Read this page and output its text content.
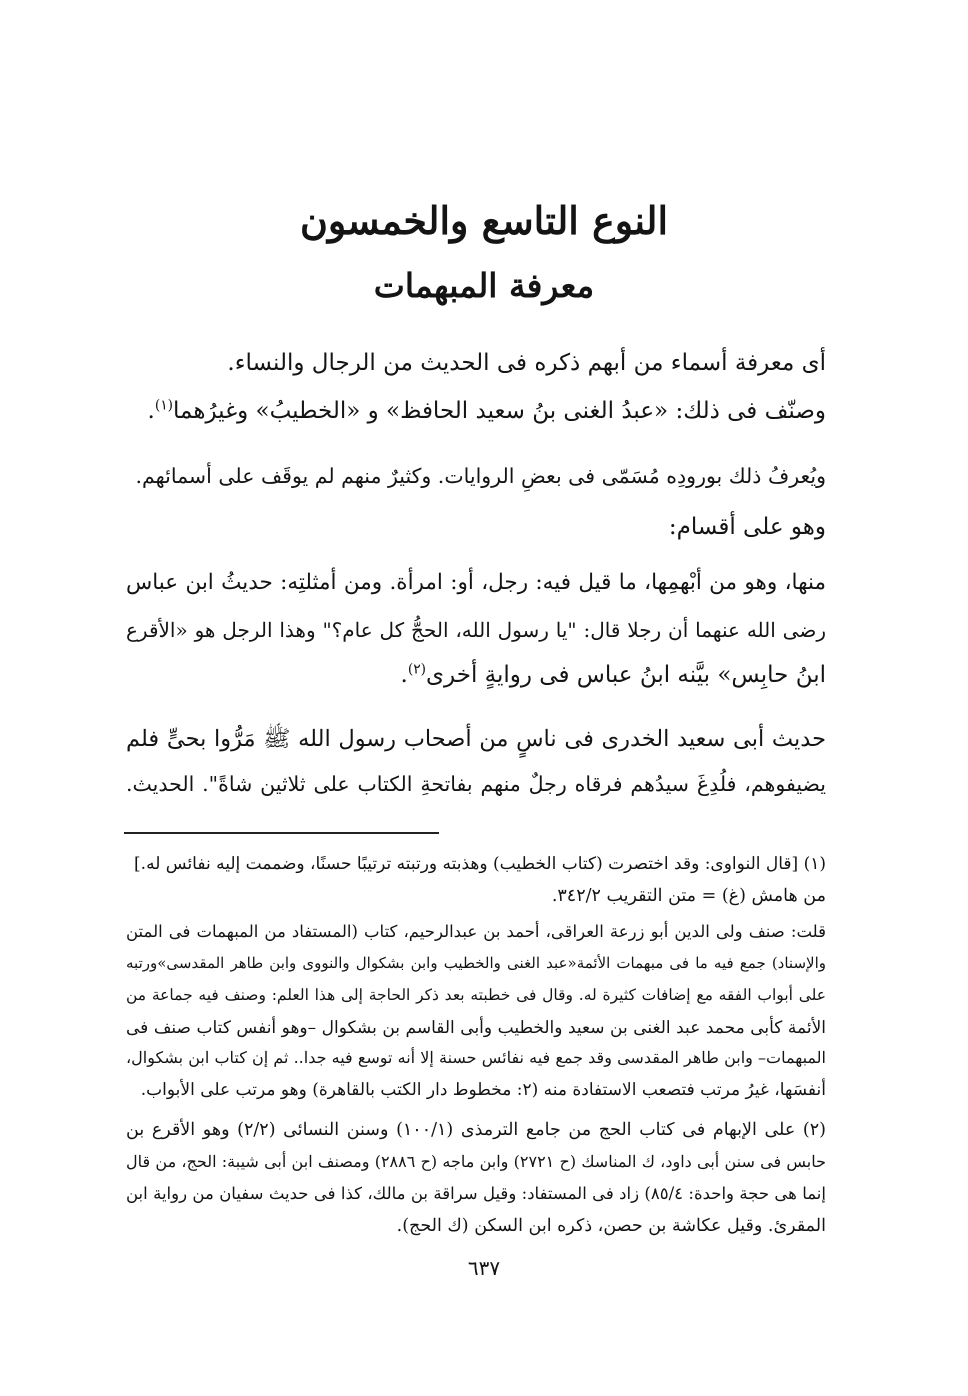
النوع التاسع والخمسون
معرفة المبهمات
أى معرفة أسماء من أبهم ذكره فى الحديث من الرجال والنساء.
وصنّف فى ذلك: «عبدُ الغنى بنُ سعيد الحافظ» و «الخطيبُ» وغيرُهما$^{(١)}$.
ويُعرفُ ذلك بورودِه مُسَمّى فى بعضِ الروايات. وكثيرٌ منهم لم يوقَف على أسمائهم.
وهو على أقسام:
منها، وهو من أبْهمِها، ما قيل فيه: رجل، أو: امرأة. ومن أمثلتِه: حديثُ ابن عباس
رضى الله عنهما أن رجلا قال: "يا رسول الله، الحجُّ كل عام؟" وهذا الرجل هو «الأقرع
ابنُ حابِس» بيَّنه ابنُ عباس فى روايةٍ أخرى$^{(٢)}$.
حديث أبى سعيد الخدرى فى ناسٍ من أصحاب رسول الله ﷺ مَرُّوا بحىٍّ فلم
يضيفوهم، فلُدِغَ سيدُهم فرقاه رجلٌ منهم بفاتحةِ الكتاب على ثلاثين شاةً". الحديث.
(١) [قال النواوى: وقد اختصرت (كتاب الخطيب) وهذبته ورتبته ترتيبًا حسنًا، وضممت إليه نفائس له.]
من هامش (غ) = متن التقريب ٣٤٢/٢.
قلت: صنف ولى الدين أبو زرعة العراقى، أحمد بن عبدالرحيم، كتاب (المستفاد من المبهمات فى المتن
والإسناد) جمع فيه ما فى مبهمات الأئمة«عبد الغنى والخطيب وابن بشكوال والنووى وابن طاهر المقدسى»ورتبه
على أبواب الفقه مع إضافات كثيرة له. وقال فى خطبته بعد ذكر الحاجة إلى هذا العلم: وصنف فيه جماعة من
الأئمة كأبى محمد عبد الغنى بن سعيد والخطيب وأبى القاسم بن بشكوال –وهو أنفس كتاب صنف فى
المبهمات– وابن طاهر المقدسى وقد جمع فيه نفائس حسنة إلا أنه توسع فيه جدا.. ثم إن كتاب ابن بشكوال،
أنفسَها، غيرُ مرتب فتصعب الاستفادة منه (٢: مخطوط دار الكتب بالقاهرة) وهو مرتب على الأبواب.
(٢) على الإبهام فى كتاب الحج من جامع الترمذى (١٠٠/١) وسنن النسائى (٢/٢) وهو الأقرع بن
حابس فى سنن أبى داود، ك المناسك (ح ٢٧٢١) وابن ماجه (ح ٢٨٨٦) ومصنف ابن أبى شيبة: الحج، من قال
إنما هى حجة واحدة: ٨٥/٤) زاد فى المستفاد: وقيل سراقة بن مالك، كذا فى حديث سفيان من رواية ابن
المقرئ. وقيل عكاشة بن حصن، ذكره ابن السكن (ك الحج).
٦٣٧
